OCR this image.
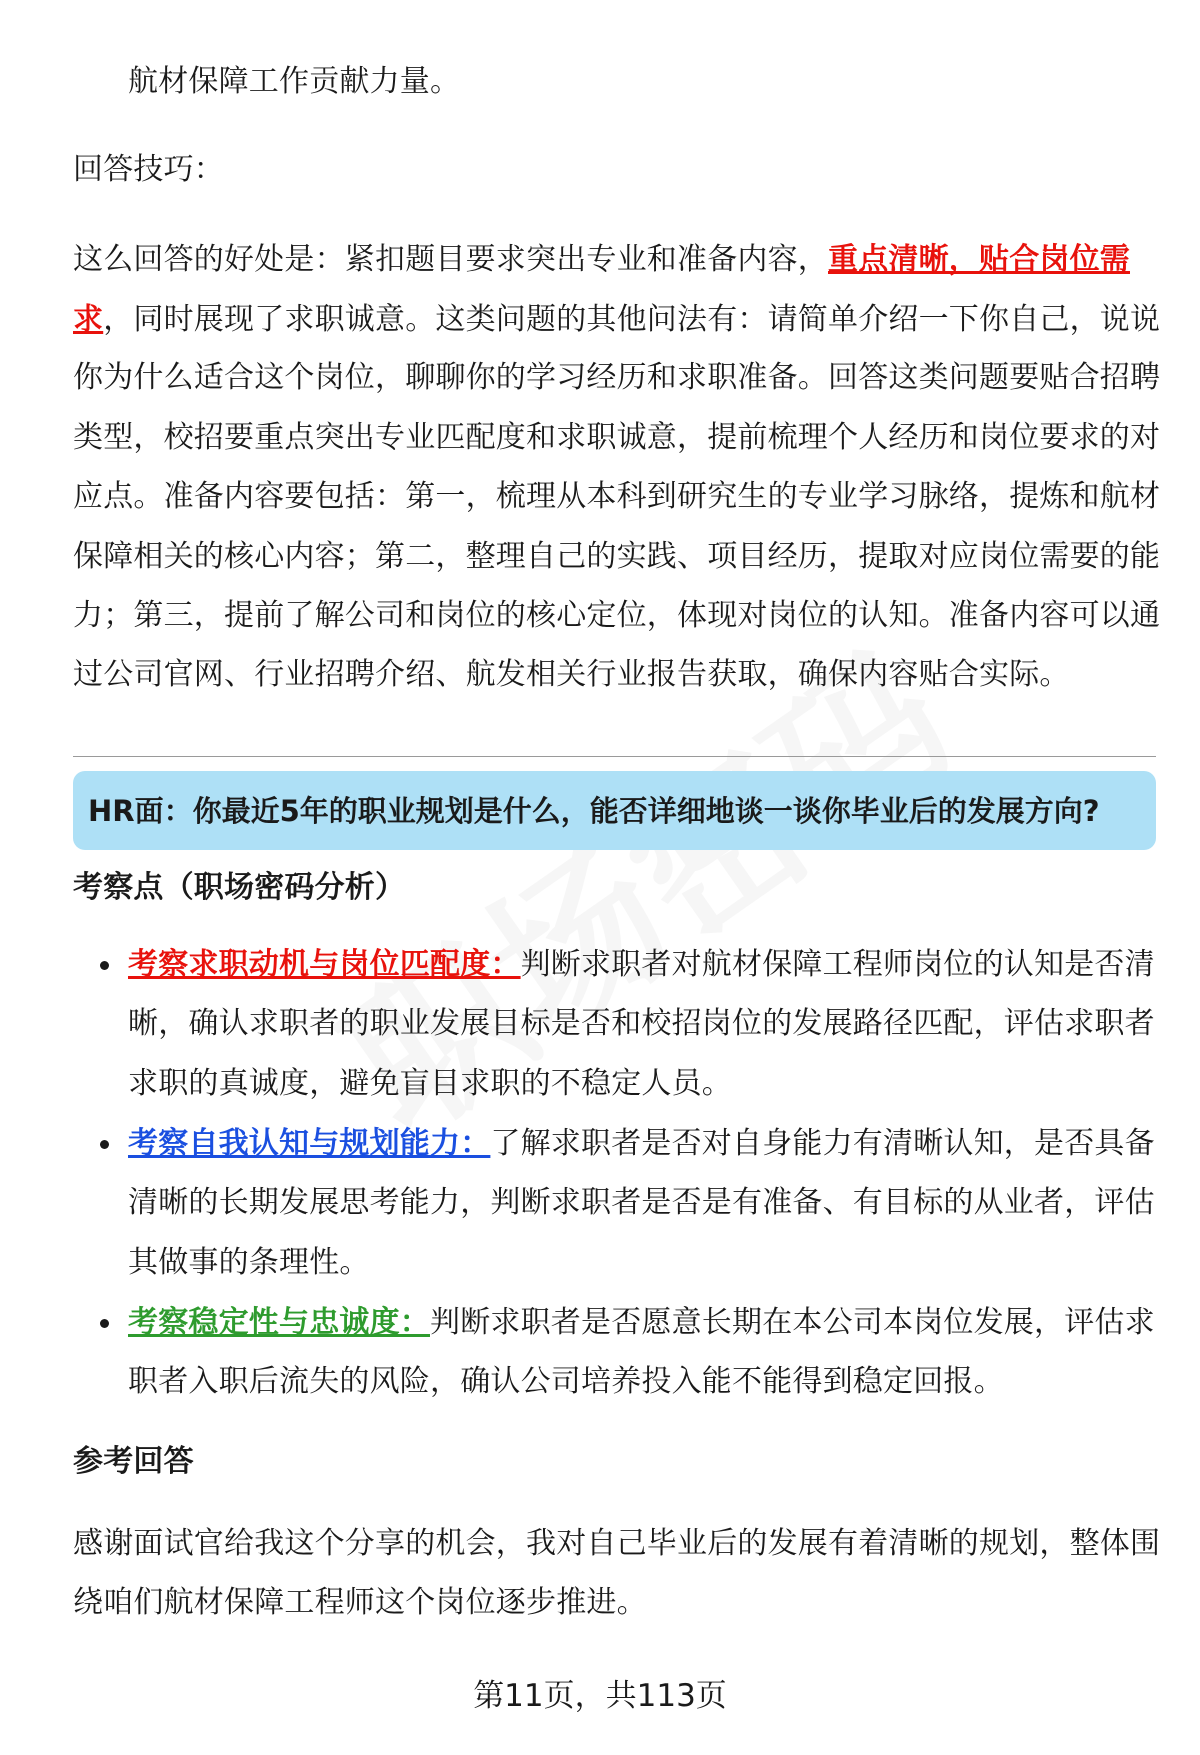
航材保障工作贡献力量。
回答技巧：
这么回答的好处是：紧扣题目要求突出专业和准备内容，重点清晰，贴合岗位需
求，同时展现了求职诚意。这类问题的其他问法有：请简单介绍一下你自己，说说
你为什么适合这个岗位，聊聊你的学习经历和求职准备。回答这类问题要贴合招聘
类型，校招要重点突出专业匹配度和求职诚意，提前梳理个人经历和岗位要求的对
应点。准备内容要包括：第一，梳理从本科到研究生的专业学习脉络，提炼和航材
保障相关的核心内容；第二，整理自己的实践、项目经历，提取对应岗位需要的能
力；第三，提前了解公司和岗位的核心定位，体现对岗位的认知。准备内容可以通
过公司官网、行业招聘介绍、航发相关行业报告获取，确保内容贴合实际。
HR面：你最近5年的职业规划是什么，能否详细地谈一谈你毕业后的发展方向?
考察点（职场密码分析）
考察求职动机与岗位匹配度：判断求职者对航材保障工程师岗位的认知是否清
晰，确认求职者的职业发展目标是否和校招岗位的发展路径匹配，评估求职者
求职的真诚度，避免盲目求职的不稳定人员。
考察自我认知与规划能力：了解求职者是否对自身能力有清晰认知，是否具备
清晰的长期发展思考能力，判断求职者是否是有准备、有目标的从业者，评估
其做事的条理性。
考察稳定性与忠诚度：判断求职者是否愿意长期在本公司本岗位发展，评估求
职者入职后流失的风险，确认公司培养投入能不能得到稳定回报。
参考回答
感谢面试官给我这个分享的机会，我对自己毕业后的发展有着清晰的规划，整体围
绕咱们航材保障工程师这个岗位逐步推进。
第11页，共113页
